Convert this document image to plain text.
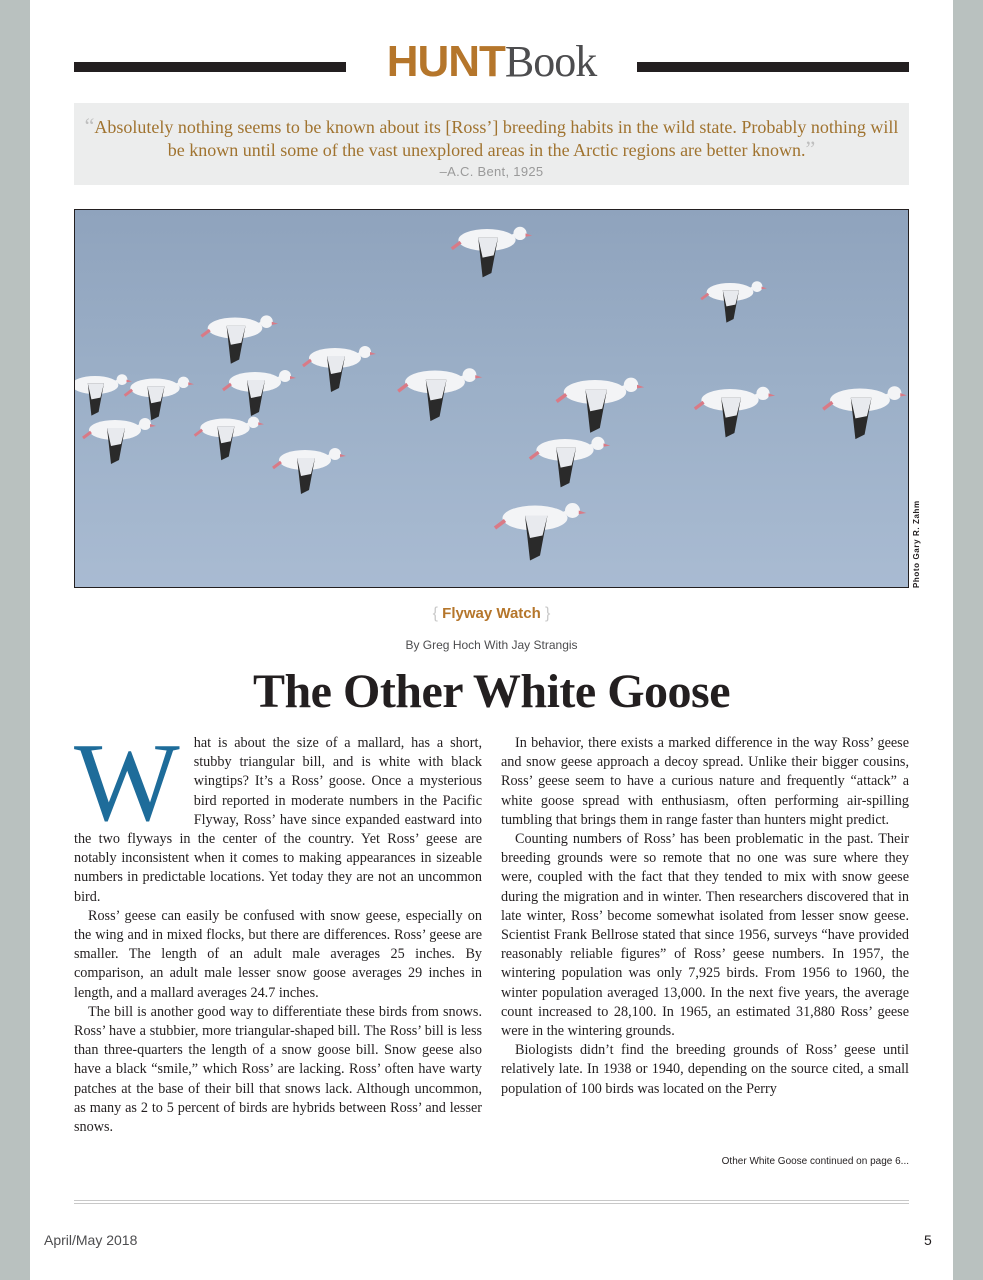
HUNTBook
“Absolutely nothing seems to be known about its [Ross’] breeding habits in the wild state. Probably nothing will be known until some of the vast unexplored areas in the Arctic regions are better known.”
–A.C. Bent, 1925
Photo Gary R. Zahm
{ Flyway Watch }
By Greg Hoch With Jay Strangis
The Other White Goose

What is about the size of a mallard, has a short, stubby triangular bill, and is white with black wingtips? It’s a Ross’ goose. Once a mysterious bird reported in moderate numbers in the Pacific Flyway, Ross’ have since expanded eastward into the two flyways in the center of the country. Yet Ross’ geese are notably inconsistent when it comes to making appearances in sizeable numbers in predictable locations. Yet today they are not an uncommon bird.

Ross’ geese can easily be confused with snow geese, especially on the wing and in mixed flocks, but there are differences. Ross’ geese are smaller. The length of an adult male averages 25 inches. By comparison, an adult male lesser snow goose averages 29 inches in length, and a mallard averages 24.7 inches.

The bill is another good way to differentiate these birds from snows. Ross’ have a stubbier, more triangular-shaped bill. The Ross’ bill is less than three-quarters the length of a snow goose bill. Snow geese also have a black “smile,” which Ross’ are lacking. Ross’ often have warty patches at the base of their bill that snows lack. Although uncommon, as many as 2 to 5 percent of birds are hybrids between Ross’ and lesser snows.

In behavior, there exists a marked difference in the way Ross’ geese and snow geese approach a decoy spread. Unlike their bigger cousins, Ross’ geese seem to have a curious nature and frequently “attack” a white goose spread with enthusiasm, often performing air-spilling tumbling that brings them in range faster than hunters might predict.

Counting numbers of Ross’ has been problematic in the past. Their breeding grounds were so remote that no one was sure where they were, coupled with the fact that they tended to mix with snow geese during the migration and in winter. Then researchers discovered that in late winter, Ross’ become somewhat isolated from lesser snow geese. Scientist Frank Bellrose stated that since 1956, surveys “have provided reasonably reliable figures” of Ross’ geese numbers. In 1957, the wintering population was only 7,925 birds. From 1956 to 1960, the winter population averaged 13,000. In the next five years, the average count increased to 28,100. In 1965, an estimated 31,880 Ross’ geese were in the wintering grounds.

Biologists didn’t find the breeding grounds of Ross’ geese until relatively late. In 1938 or 1940, depending on the source cited, a small population of 100 birds was located on the Perry

Other White Goose continued on page 6...
April/May 2018	5
